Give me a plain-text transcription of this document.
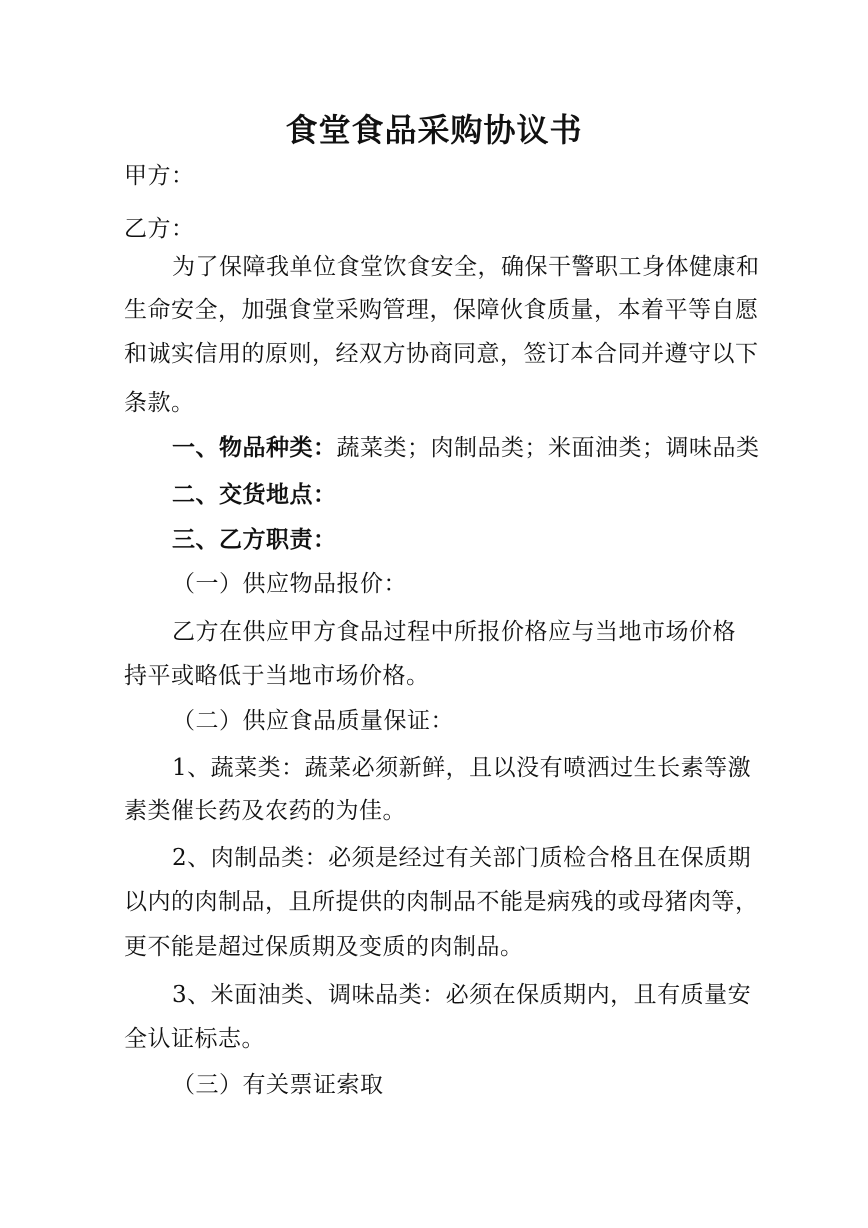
食堂食品采购协议书
甲方：
乙方：
为了保障我单位食堂饮食安全，确保干警职工身体健康和
生命安全，加强食堂采购管理，保障伙食质量，本着平等自愿
和诚实信用的原则，经双方协商同意，签订本合同并遵守以下
条款。
一、物品种类：蔬菜类；肉制品类；米面油类；调味品类
二、交货地点：
三、乙方职责：
（一）供应物品报价：
乙方在供应甲方食品过程中所报价格应与当地市场价格
持平或略低于当地市场价格。
（二）供应食品质量保证：
1、蔬菜类：蔬菜必须新鲜，且以没有喷洒过生长素等激
素类催长药及农药的为佳。
2、肉制品类：必须是经过有关部门质检合格且在保质期
以内的肉制品，且所提供的肉制品不能是病残的或母猪肉等，
更不能是超过保质期及变质的肉制品。
3、米面油类、调味品类：必须在保质期内，且有质量安
全认证标志。
（三）有关票证索取
